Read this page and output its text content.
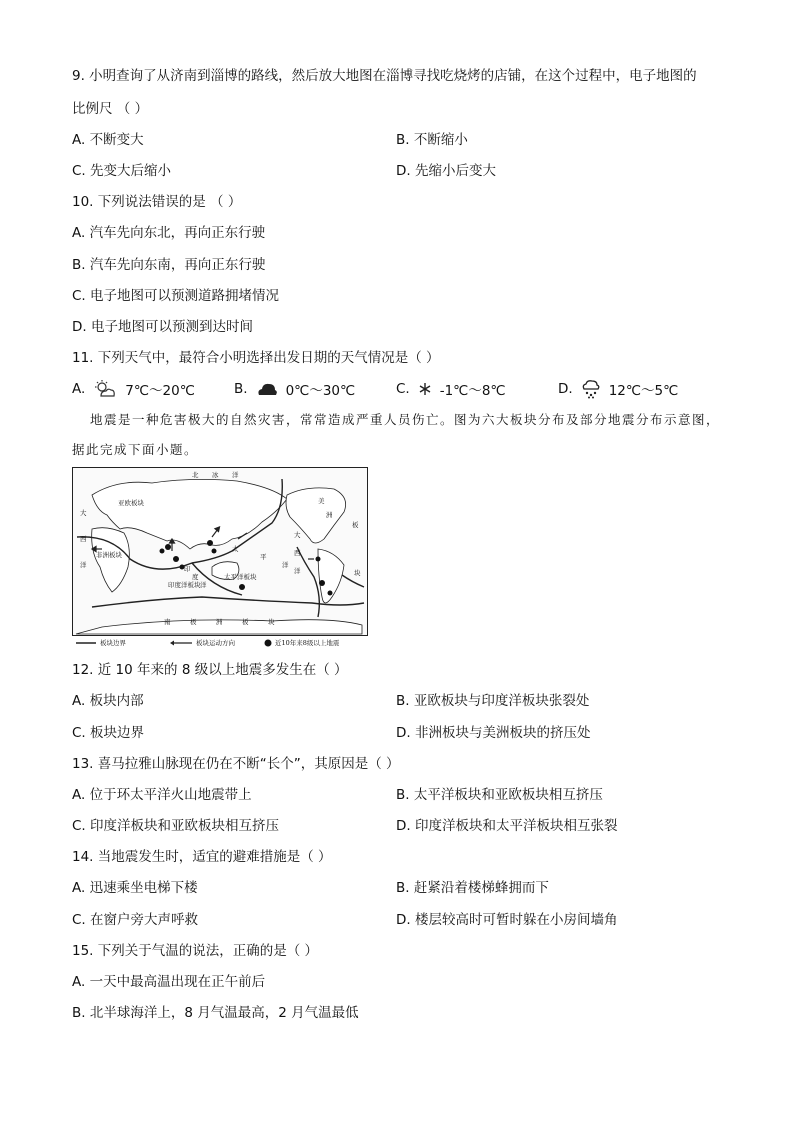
9. 小明查询了从济南到淄博的路线，然后放大地图在淄博寻找吃烧烤的店铺，在这个过程中，电子地图的
比例尺 （ ）
A. 不断变大	B. 不断缩小
C. 先变大后缩小	D. 先缩小后变大
10. 下列说法错误的是 （ ）
A. 汽车先向东北，再向正东行驶
B. 汽车先向东南，再向正东行驶
C. 电子地图可以预测道路拥堵情况
D. 电子地图可以预测到达时间
11. 下列天气中，最符合小明选择出发日期的天气情况是（ ）
A.	7℃～20℃	B.	0℃～30℃	C. -1℃～8℃	D.	12℃～5℃
地震是一种危害极大的自然灾害，常常造成严重人员伤亡。图为六大板块分布及部分地震分布示意图，据此完成下面小题。
亚欧板块
非洲板块
印度洋板块
太平洋板块
南	极	洲	板	块
大
西
洋
大
西
洋
美
洲
板
块
太
平
洋
印
度
洋
北 冰 洋
板块边界	板块运动方向	近10年来8级以上地震
12. 近 10 年来的 8 级以上地震多发生在（ ）
A. 板块内部	B. 亚欧板块与印度洋板块张裂处
C. 板块边界	D. 非洲板块与美洲板块的挤压处
13. 喜马拉雅山脉现在仍在不断“长个”，其原因是（ ）
A. 位于环太平洋火山地震带上	B. 太平洋板块和亚欧板块相互挤压
C. 印度洋板块和亚欧板块相互挤压	D. 印度洋板块和太平洋板块相互张裂
14. 当地震发生时，适宜的避难措施是（ ）
A. 迅速乘坐电梯下楼	B. 赶紧沿着楼梯蜂拥而下
C. 在窗户旁大声呼救	D. 楼层较高时可暂时躲在小房间墙角
15. 下列关于气温的说法，正确的是（ ）
A. 一天中最高温出现在正午前后
B. 北半球海洋上，8 月气温最高，2 月气温最低
